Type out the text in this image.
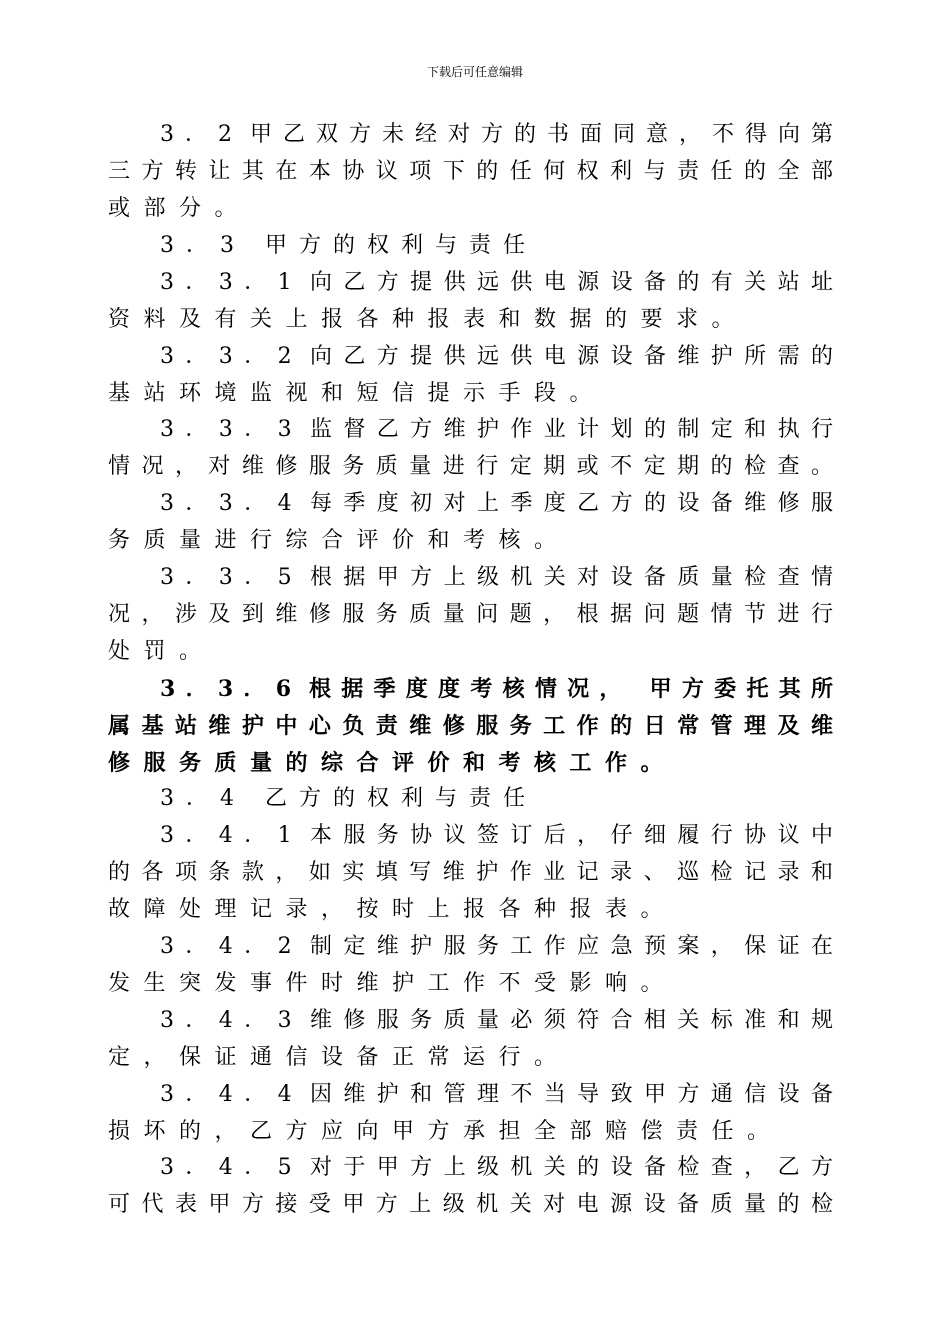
下载后可任意编辑
3．2 甲乙双方未经对方的书面同意，不得向第
三方转让其在本协议项下的任何权利与责任的全部
或部分。
3．3 甲方的权利与责任
3．3．1 向乙方提供远供电源设备的有关站址
资料及有关上报各种报表和数据的要求。
3．3．2 向乙方提供远供电源设备维护所需的
基站环境监视和短信提示手段。
3．3．3 监督乙方维护作业计划的制定和执行
情况，对维修服务质量进行定期或不定期的检查。
3．3．4 每季度初对上季度乙方的设备维修服
务质量进行综合评价和考核。
3．3．5 根据甲方上级机关对设备质量检查情
况，涉及到维修服务质量问题，根据问题情节进行
处罚。
3．3．6 根据季度度考核情况， 甲方委托其所
属基站维护中心负责维修服务工作的日常管理及维
修服务质量的综合评价和考核工作。
3．4 乙方的权利与责任
3．4．1 本服务协议签订后，仔细履行协议中
的各项条款，如实填写维护作业记录、巡检记录和
故障处理记录，按时上报各种报表。
3．4．2 制定维护服务工作应急预案，保证在
发生突发事件时维护工作不受影响。
3．4．3 维修服务质量必须符合相关标准和规
定，保证通信设备正常运行。
3．4．4 因维护和管理不当导致甲方通信设备
损坏的，乙方应向甲方承担全部赔偿责任。
3．4．5 对于甲方上级机关的设备检查，乙方
可代表甲方接受甲方上级机关对电源设备质量的检
